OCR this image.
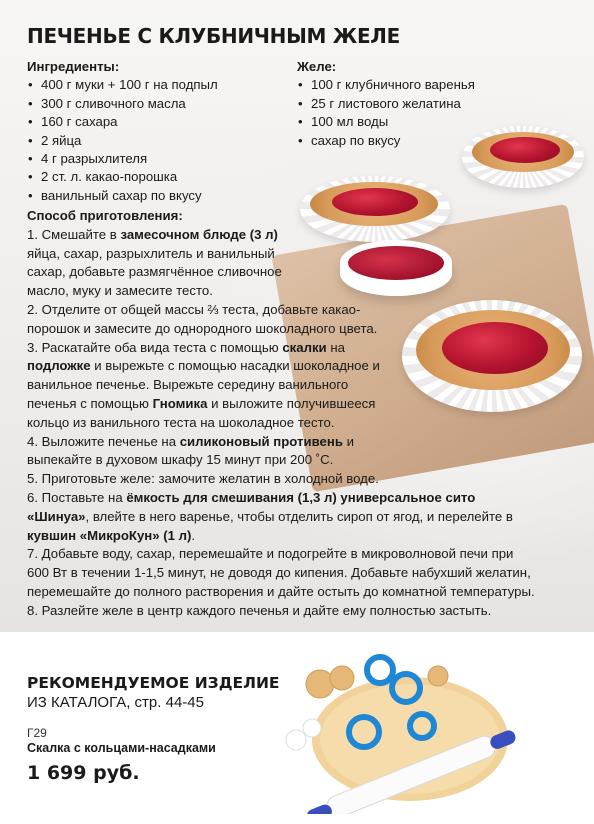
ПЕЧЕНЬЕ С КЛУБНИЧНЫМ ЖЕЛЕ
Ингредиенты:
• 400 г муки + 100 г на подпыл
• 300 г сливочного масла
• 160 г сахара
• 2 яйца
• 4 г разрыхлителя
• 2 ст. л. какао-порошка
• ванильный сахар по вкусу
Желе:
• 100 г клубничного варенья
• 25 г листового желатина
• 100 мл воды
• сахар по вкусу
Способ приготовления:
1. Смешайте в замесочном блюде (3 л) яйца, сахар, разрыхлитель и ванильный сахар, добавьте размягчённое сливочное масло, муку и замесите тесто.
2. Отделите от общей массы ⅔ теста, добавьте какао-порошок и замесите до однородного шоколадного цвета.
3. Раскатайте оба вида теста с помощью скалки на подложке и вырежьте с помощью насадки шоколадное и ванильное печенье. Вырежьте середину ванильного печенья с помощью Гномика и выложите получившееся кольцо из ванильного теста на шоколадное тесто.
4. Выложите печенье на силиконовый противень и выпекайте в духовом шкафу 15 минут при 200 ˚С.
5. Приготовьте желе: замочите желатин в холодной воде.
6. Поставьте на ёмкость для смешивания (1,3 л) универсальное сито «Шинуа», влейте в него варенье, чтобы отделить сироп от ягод, и перелейте в кувшин «МикроКун» (1 л).
7. Добавьте воду, сахар, перемешайте и подогрейте в микроволновой печи при 600 Вт в течении 1-1,5 минут, не доводя до кипения. Добавьте набухший желатин, перемешайте до полного растворения и дайте остыть до комнатной температуры.
8. Разлейте желе в центр каждого печенья и дайте ему полностью застыть.
РЕКОМЕНДУЕМОЕ ИЗДЕЛИЕ
ИЗ КАТАЛОГА, стр. 44-45
Г29
Скалка с кольцами-насадками
1 699 руб.
